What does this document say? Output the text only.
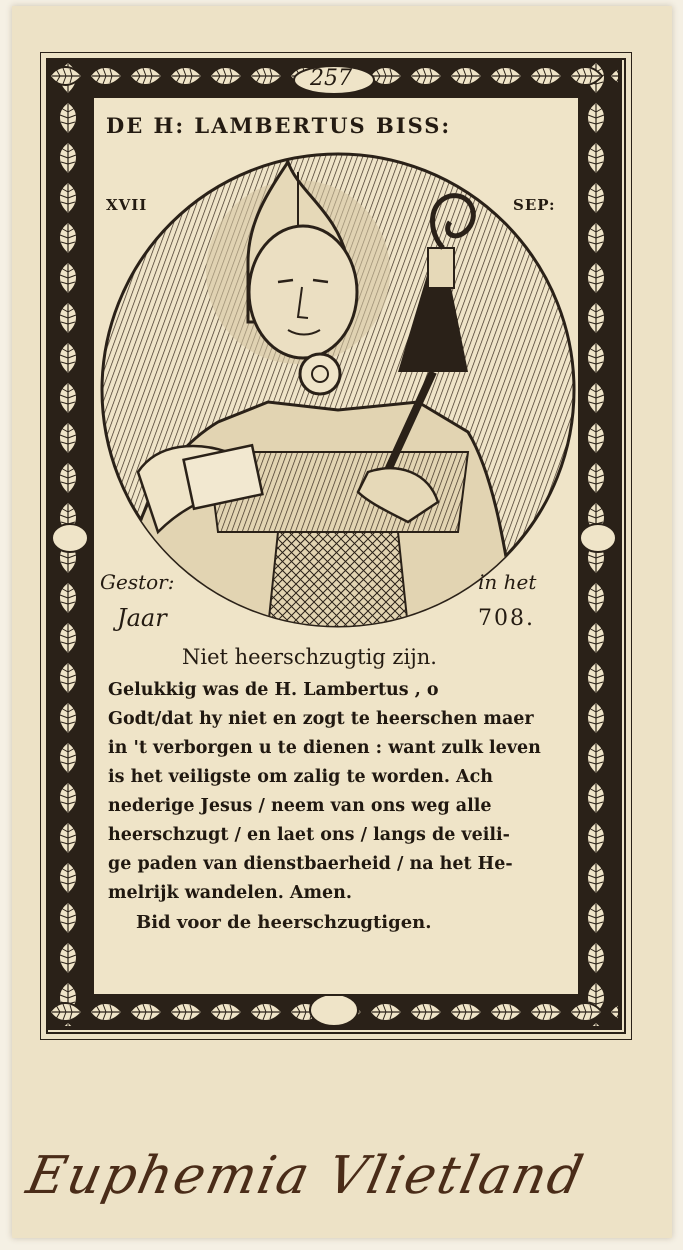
257
DE H: LAMBERTUS BISS:
XVII	SEP:
Gestor:	in het
Jaar	708.
Niet heerschzugtig zijn.
Gelukkig was de H. Lambertus , o
Godt/dat hy niet en zogt te heerschen maer
in 't verborgen u te dienen : want zulk leven
is het veiligste om zalig te worden. Ach
nederige Jesus / neem van ons weg alle
heerschzugt / en laet ons / langs de veili-
ge paden van dienstbaerheid / na het He-
melrijk wandelen. Amen.
Bid voor de heerschzugtigen.
Euphemia Vlietland
